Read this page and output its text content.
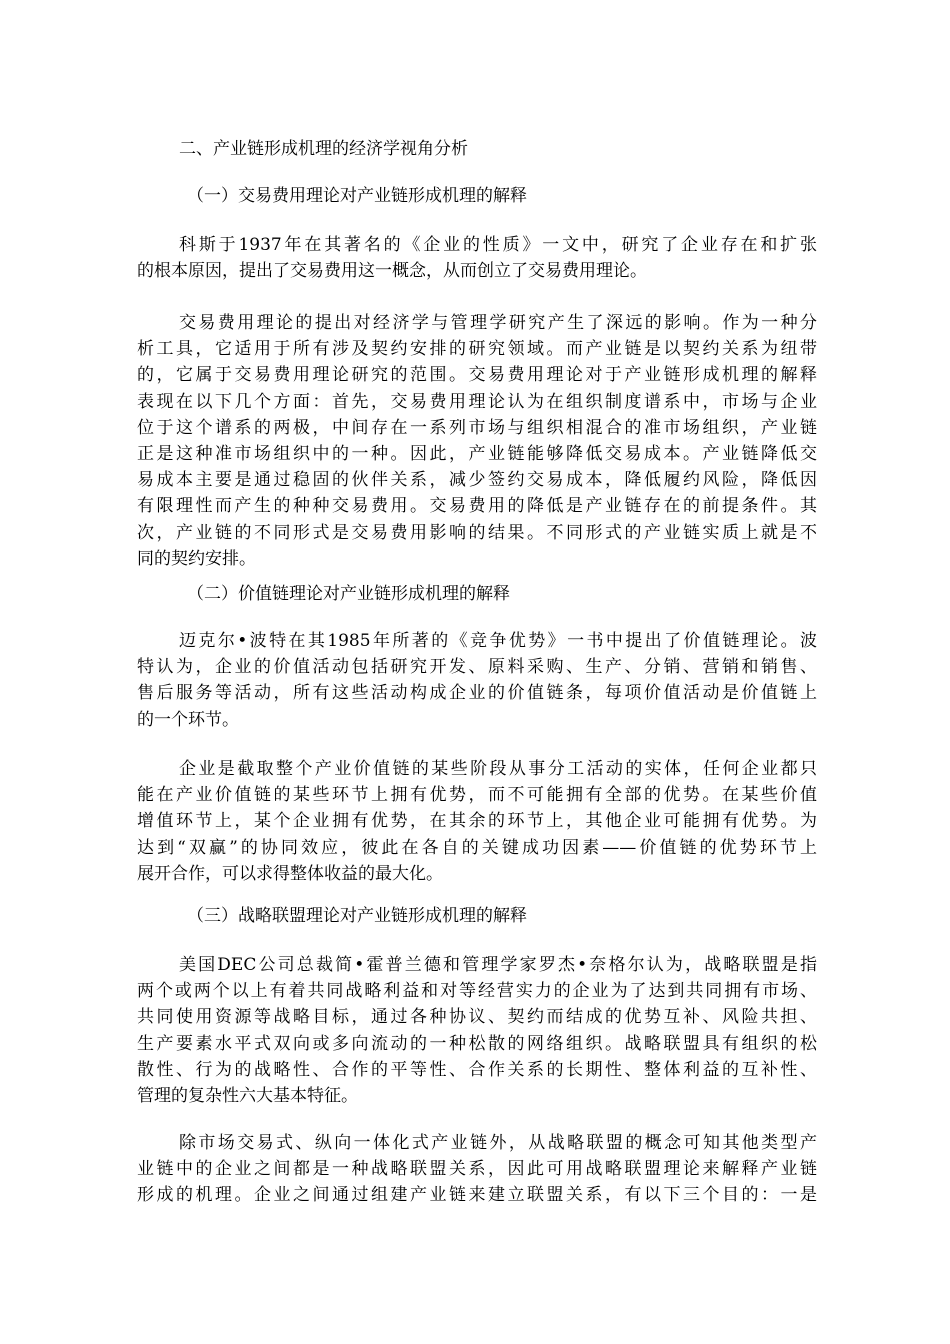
二、产业链形成机理的经济学视角分析
（一）交易费用理论对产业链形成机理的解释
科斯于1937年在其著名的《企业的性质》一文中，研究了企业存在和扩张
的根本原因，提出了交易费用这一概念，从而创立了交易费用理论。
交易费用理论的提出对经济学与管理学研究产生了深远的影响。作为一种分
析工具，它适用于所有涉及契约安排的研究领域。而产业链是以契约关系为纽带
的，它属于交易费用理论研究的范围。交易费用理论对于产业链形成机理的解释
表现在以下几个方面：首先，交易费用理论认为在组织制度谱系中，市场与企业
位于这个谱系的两极，中间存在一系列市场与组织相混合的准市场组织，产业链
正是这种准市场组织中的一种。因此，产业链能够降低交易成本。产业链降低交
易成本主要是通过稳固的伙伴关系，减少签约交易成本，降低履约风险，降低因
有限理性而产生的种种交易费用。交易费用的降低是产业链存在的前提条件。其
次，产业链的不同形式是交易费用影响的结果。不同形式的产业链实质上就是不
同的契约安排。
（二）价值链理论对产业链形成机理的解释
迈克尔•波特在其1985年所著的《竞争优势》一书中提出了价值链理论。波
特认为，企业的价值活动包括研究开发、原料采购、生产、分销、营销和销售、
售后服务等活动，所有这些活动构成企业的价值链条，每项价值活动是价值链上
的一个环节。
企业是截取整个产业价值链的某些阶段从事分工活动的实体，任何企业都只
能在产业价值链的某些环节上拥有优势，而不可能拥有全部的优势。在某些价值
增值环节上，某个企业拥有优势，在其余的环节上，其他企业可能拥有优势。为
达到“双赢”的协同效应，彼此在各自的关键成功因素——价值链的优势环节上
展开合作，可以求得整体收益的最大化。
（三）战略联盟理论对产业链形成机理的解释
美国DEC公司总裁简•霍普兰德和管理学家罗杰•奈格尔认为，战略联盟是指
两个或两个以上有着共同战略利益和对等经营实力的企业为了达到共同拥有市场、
共同使用资源等战略目标，通过各种协议、契约而结成的优势互补、风险共担、
生产要素水平式双向或多向流动的一种松散的网络组织。战略联盟具有组织的松
散性、行为的战略性、合作的平等性、合作关系的长期性、整体利益的互补性、
管理的复杂性六大基本特征。
除市场交易式、纵向一体化式产业链外，从战略联盟的概念可知其他类型产
业链中的企业之间都是一种战略联盟关系，因此可用战略联盟理论来解释产业链
形成的机理。企业之间通过组建产业链来建立联盟关系，有以下三个目的：一是
